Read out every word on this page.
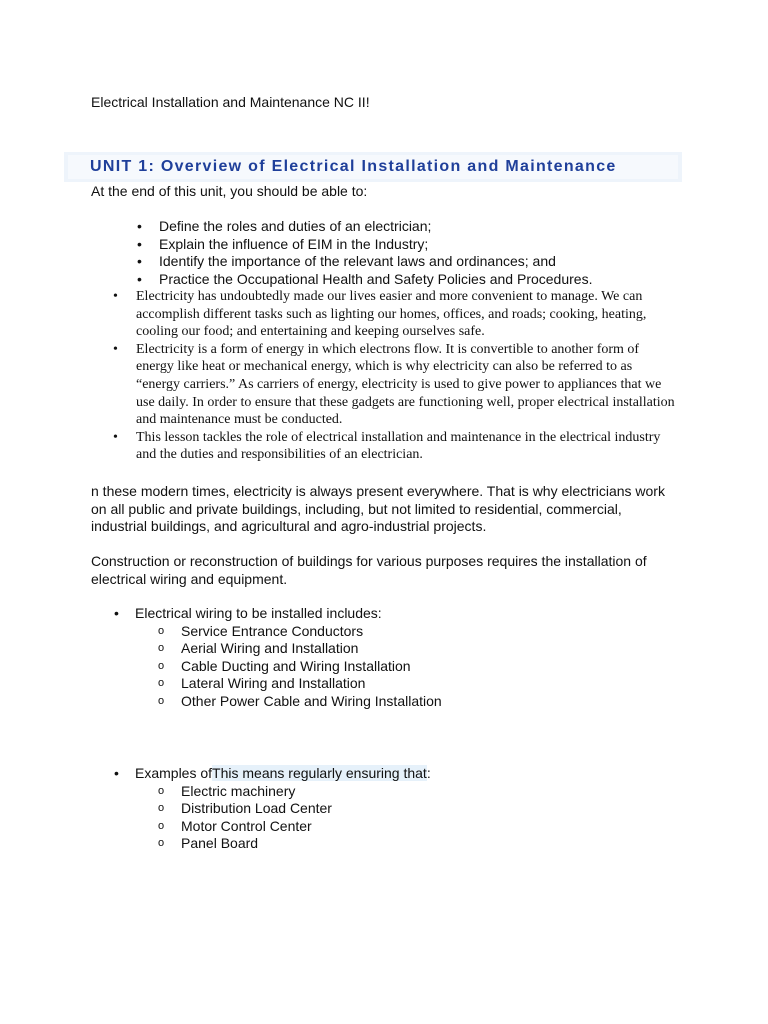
Electrical Installation and Maintenance NC II!

UNIT 1: Overview of Electrical Installation and Maintenance

At the end of this unit, you should be able to:

• Define the roles and duties of an electrician;
• Explain the influence of EIM in the Industry;
• Identify the importance of the relevant laws and ordinances; and
• Practice the Occupational Health and Safety Policies and Procedures.
• Electricity has undoubtedly made our lives easier and more convenient to manage. We can accomplish different tasks such as lighting our homes, offices, and roads; cooking, heating, cooling our food; and entertaining and keeping ourselves safe.
• Electricity is a form of energy in which electrons flow. It is convertible to another form of energy like heat or mechanical energy, which is why electricity can also be referred to as “energy carriers.” As carriers of energy, electricity is used to give power to appliances that we use daily. In order to ensure that these gadgets are functioning well, proper electrical installation and maintenance must be conducted.
• This lesson tackles the role of electrical installation and maintenance in the electrical industry and the duties and responsibilities of an electrician.

n these modern times, electricity is always present everywhere. That is why electricians work on all public and private buildings, including, but not limited to residential, commercial, industrial buildings, and agricultural and agro-industrial projects.

Construction or reconstruction of buildings for various purposes requires the installation of electrical wiring and equipment.

• Electrical wiring to be installed includes:
o Service Entrance Conductors
o Aerial Wiring and Installation
o Cable Ducting and Wiring Installation
o Lateral Wiring and Installation
o Other Power Cable and Wiring Installation
• Examples ofThis means regularly ensuring that:
o Electric machinery
o Distribution Load Center
o Motor Control Center
o Panel Board
